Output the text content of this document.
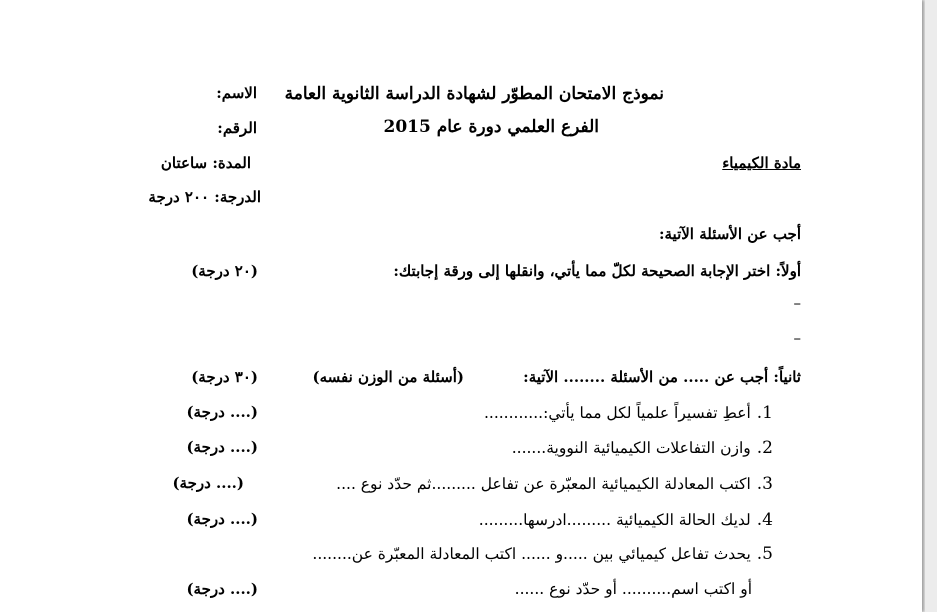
نموذج الامتحان المطوّر لشهادة الدراسة الثانوية العامة
الاسم:
الفرع العلمي دورة عام 2015
الرقم:
مادة الكيمياء
المدة: ساعتان
الدرجة: ٢٠٠ درجة
أجب عن الأسئلة الآتية:
أولاً: اختر الإجابة الصحيحة لكلّ مما يأتي، وانقلها إلى ورقة إجابتك:
(٢٠ درجة)
–
–
ثانياً: أجب عن ..... من الأسئلة ........ الآتية:
(أسئلة من الوزن نفسه)
(٣٠ درجة)
1.أعطِ تفسيراً علمياً لكل مما يأتي:............
(.... درجة)
2.وازن التفاعلات الكيميائية النووية.......
(.... درجة)
3.اكتب المعادلة الكيميائية المعبّرة عن تفاعل .........ثم حدّد نوع ....
(.... درجة)
4.لديك الحالة الكيميائية .........ادرسها.........
(.... درجة)
5.يحدث تفاعل كيميائي بين .....و ...... اكتب المعادلة المعبّرة عن........
أو اكتب اسم.......... أو حدّد نوع ......
(.... درجة)
